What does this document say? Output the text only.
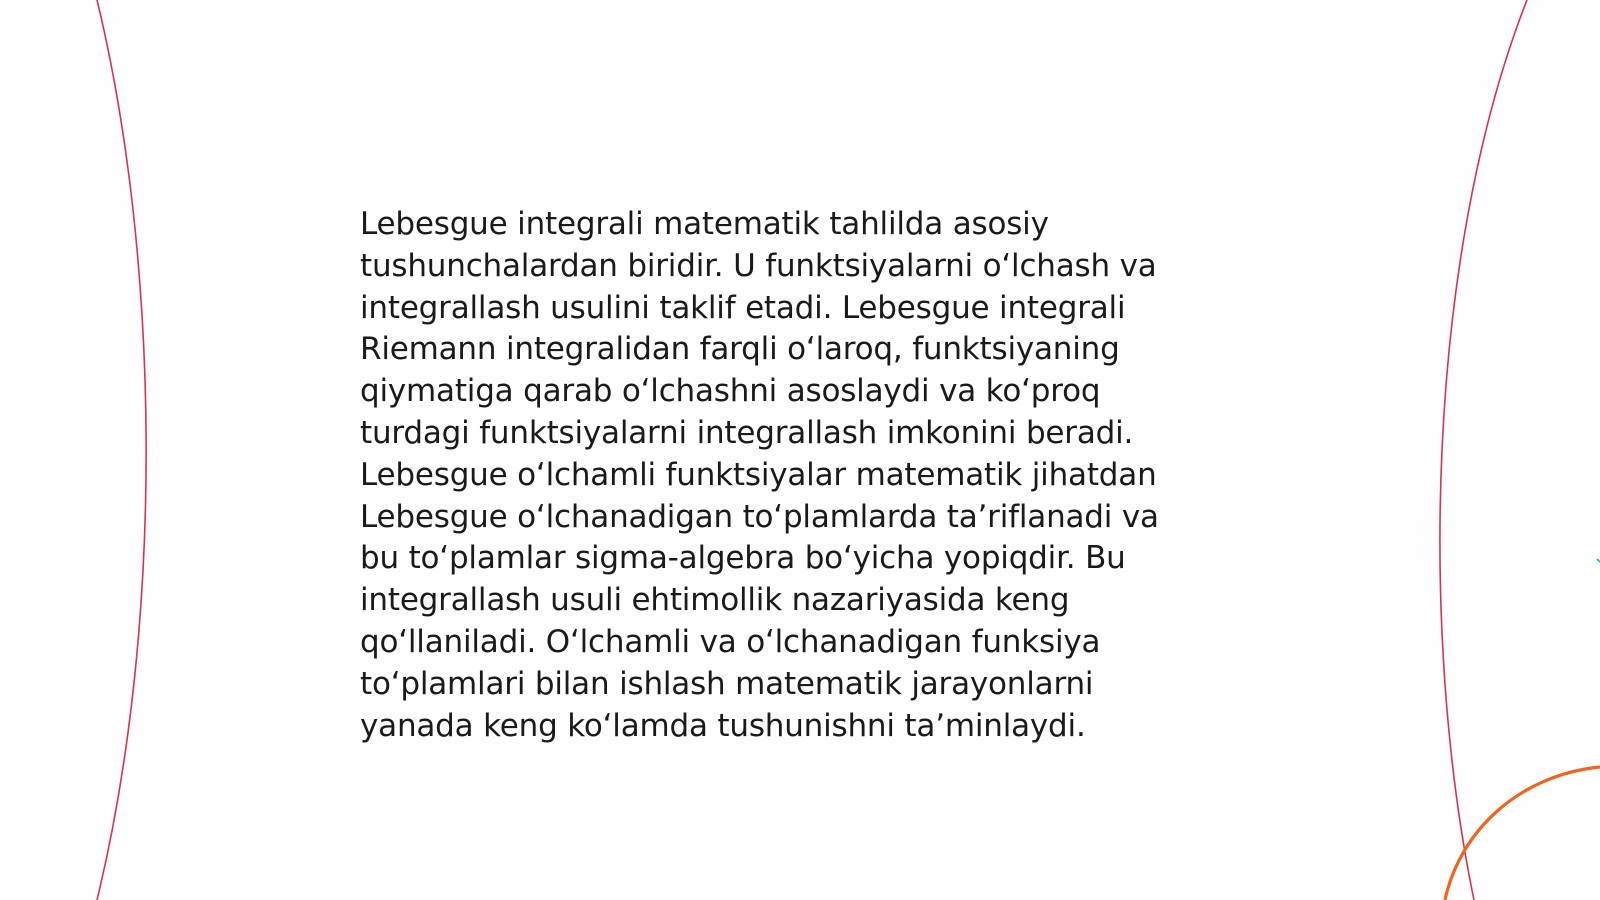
Lebesgue integrali matematik tahlilda asosiy
tushunchalardan biridir. U funktsiyalarni oʻlchash va
integrallash usulini taklif etadi. Lebesgue integrali
Riemann integralidan farqli oʻlaroq, funktsiyaning
qiymatiga qarab oʻlchashni asoslaydi va koʻproq
turdagi funktsiyalarni integrallash imkonini beradi.
Lebesgue oʻlchamli funktsiyalar matematik jihatdan
Lebesgue oʻlchanadigan toʻplamlarda taʼriflanadi va
bu toʻplamlar sigma-algebra boʻyicha yopiqdir. Bu
integrallash usuli ehtimollik nazariyasida keng
qoʻllaniladi. Oʻlchamli va oʻlchanadigan funksiya
toʻplamlari bilan ishlash matematik jarayonlarni
yanada keng koʻlamda tushunishni taʼminlaydi.
